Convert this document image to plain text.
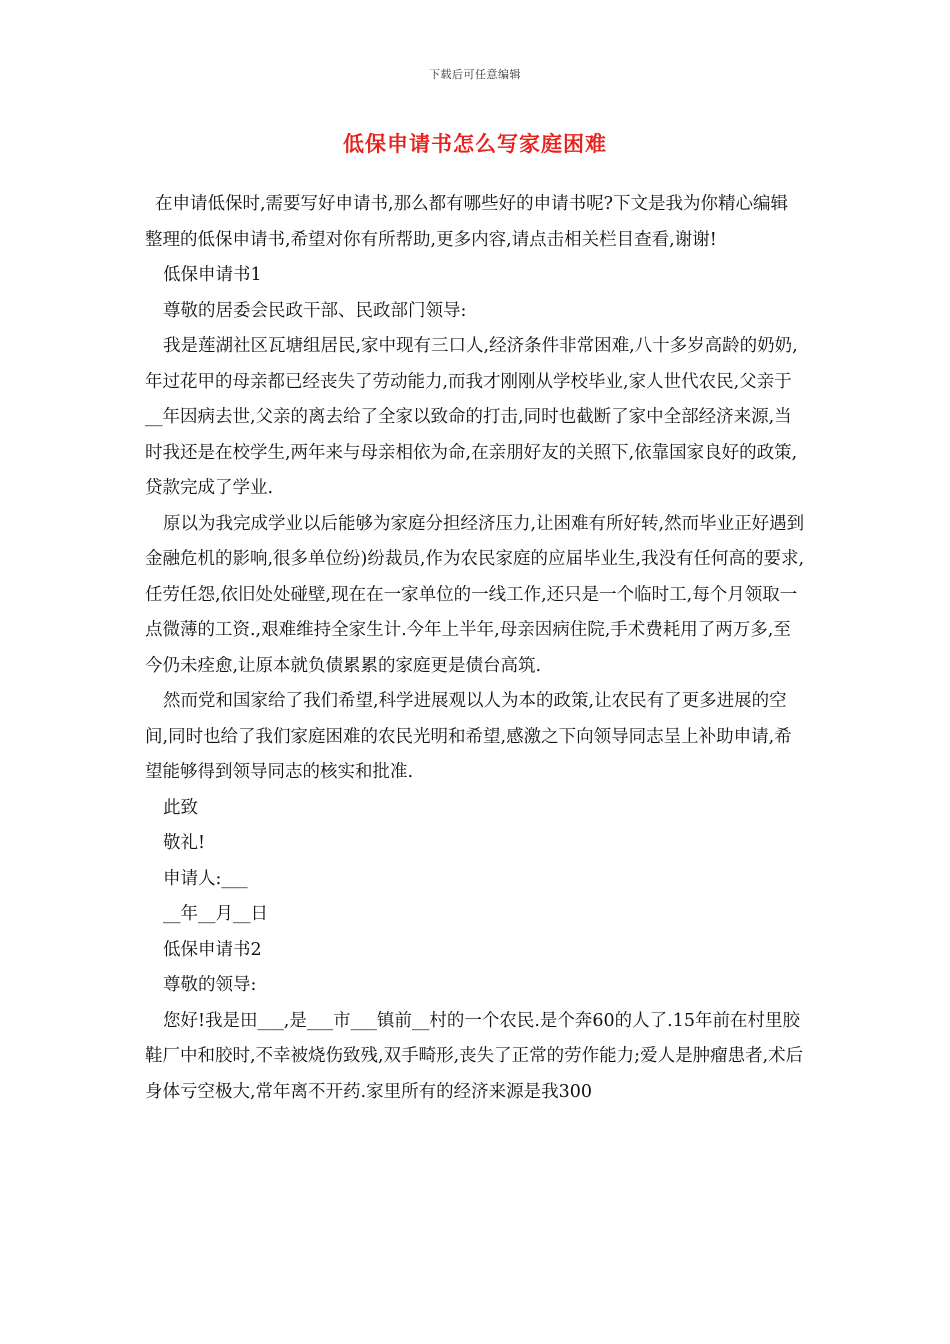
下载后可任意编辑
低保申请书怎么写家庭困难

在申请低保时,需要写好申请书,那么都有哪些好的申请书呢?下文是我为你精心编辑整理的低保申请书,希望对你有所帮助,更多内容,请点击相关栏目查看,谢谢!

低保申请书1

尊敬的居委会民政干部、民政部门领导:

我是莲湖社区瓦塘组居民,家中现有三口人,经济条件非常困难,八十多岁高龄的奶奶,年过花甲的母亲都已经丧失了劳动能力,而我才刚刚从学校毕业,家人世代农民,父亲于__年因病去世,父亲的离去给了全家以致命的打击,同时也截断了家中全部经济来源,当时我还是在校学生,两年来与母亲相依为命,在亲朋好友的关照下,依靠国家良好的政策,贷款完成了学业.

原以为我完成学业以后能够为家庭分担经济压力,让困难有所好转,然而毕业正好遇到金融危机的影响,很多单位纷)纷裁员,作为农民家庭的应届毕业生,我没有任何高的要求,任劳任怨,依旧处处碰壁,现在在一家单位的一线工作,还只是一个临时工,每个月领取一点微薄的工资.,艰难维持全家生计.今年上半年,母亲因病住院,手术费耗用了两万多,至今仍未痊愈,让原本就负债累累的家庭更是债台高筑.

然而党和国家给了我们希望,科学进展观以人为本的政策,让农民有了更多进展的空间,同时也给了我们家庭困难的农民光明和希望,感激之下向领导同志呈上补助申请,希望能够得到领导同志的核实和批准.

此致

敬礼!

申请人:___

__年__月__日

低保申请书2

尊敬的领导:

您好!我是田___,是___市___镇前__村的一个农民.是个奔60的人了.15年前在村里胶鞋厂中和胶时,不幸被烧伤致残,双手畸形,丧失了正常的劳作能力;爱人是肿瘤患者,术后身体亏空极大,常年离不开药.家里所有的经济来源是我300
